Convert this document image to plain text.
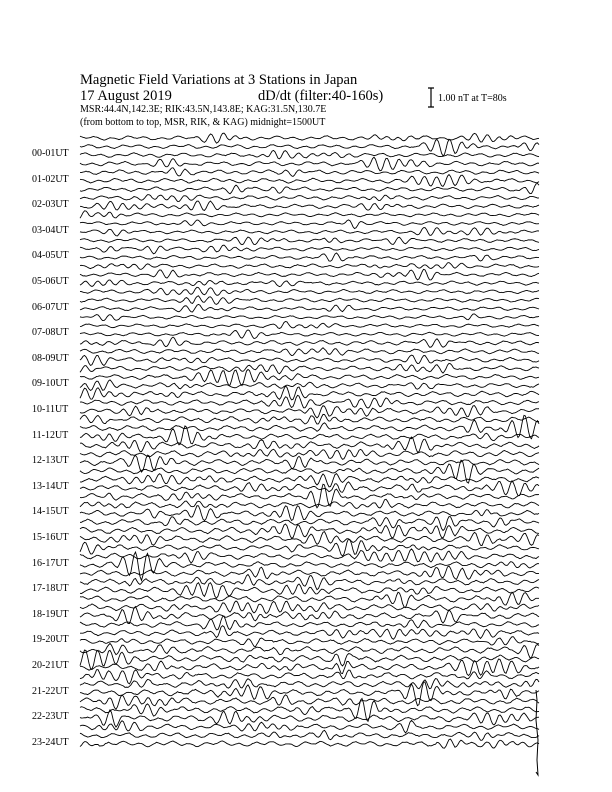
Magnetic Field Variations at 3 Stations in Japan
17 August 2019	dD/dt (filter:40-160s)
MSR:44.4N,142.3E; RIK:43.5N,143.8E; KAG:31.5N,130.7E
(from bottom to top, MSR, RIK, & KAG) midnight=1500UT
1.00 nT at T=80s
00-01UT
01-02UT
02-03UT
03-04UT
04-05UT
05-06UT
06-07UT
07-08UT
08-09UT
09-10UT
10-11UT
11-12UT
12-13UT
13-14UT
14-15UT
15-16UT
16-17UT
17-18UT
18-19UT
19-20UT
20-21UT
21-22UT
22-23UT
23-24UT
